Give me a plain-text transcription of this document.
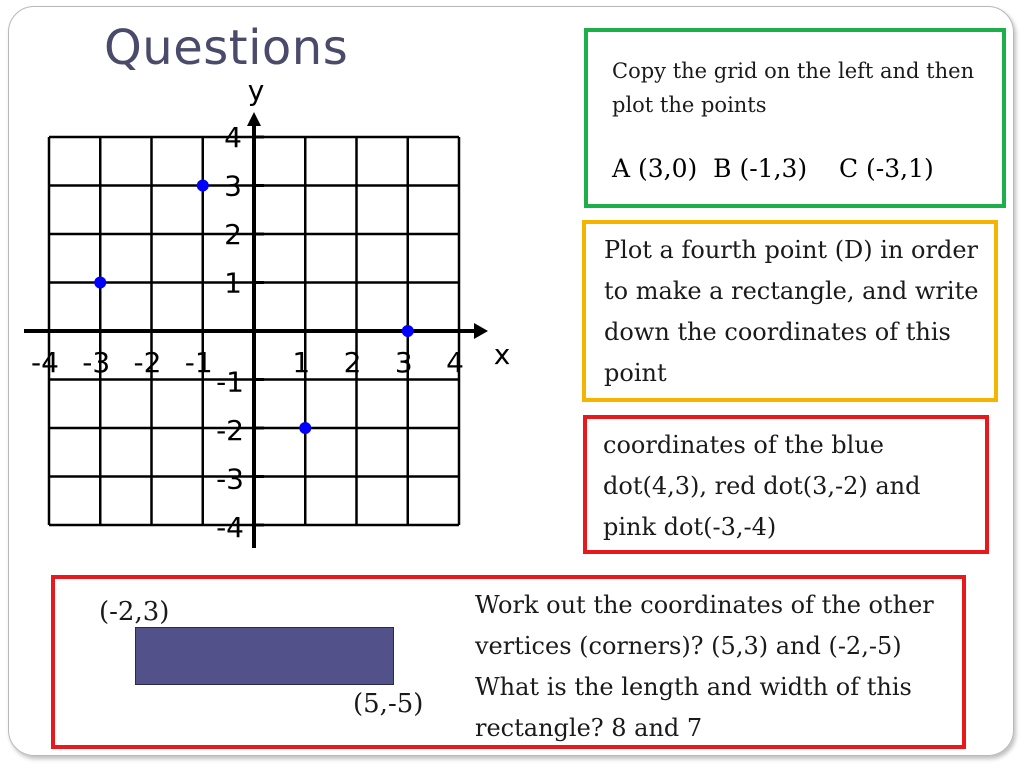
Questions
-4 -3 -2 -1	1 2 3 4
4
3
2
1
-1
-2
-3
-4
x
y

Copy the grid on the left and then

plot the points

A (3,0)  B (-1,3)    C (-3,1)

Plot a fourth point (D) in order

to make a rectangle, and write

down the coordinates of this

point

coordinates of the blue

dot(4,3), red dot(3,-2) and

pink dot(-3,-4)

(-2,3)
(5,-5)

Work out the coordinates of the other

vertices (corners)? (5,3) and (-2,-5)

What is the length and width of this

rectangle? 8 and 7
